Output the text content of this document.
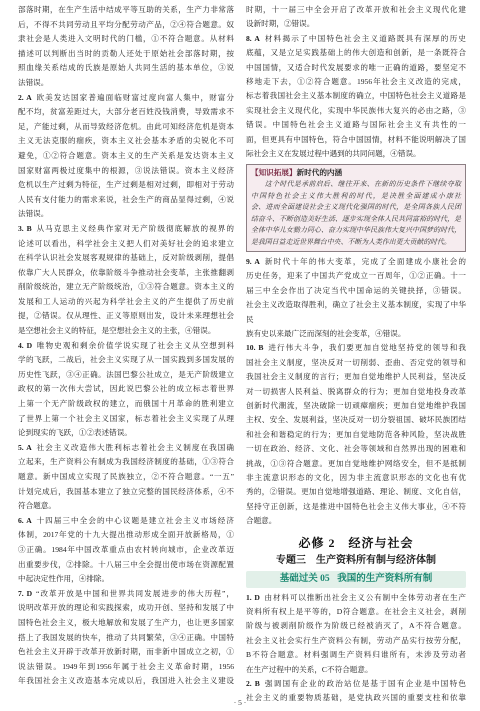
部落时期，在生产生活中结成平等互助的关系，生产力非常落
后，不得不共同劳动且平均分配劳动产品，②④符合题意。奴
隶社会是人类进入文明时代的门槛，①不符合题意。从材料
描述可以判断出当时的贡勒人还处于原始社会部落时期，按
照血缘关系结成的氏族是原始人共同生活的基本单位，③说
法错误。
2. A 欧美发达国家普遍面临财富过度向富人集中，财富分
配不均，贫富差距过大，大部分老百姓没钱消费，导致需求不
足，产能过剩，从而导致经济危机。由此可知经济危机是资本
主义无法克服的痼疾，资本主义社会基本矛盾的尖锐化不可
避免，①②符合题意。资本主义的生产关系是发达资本主义
国家财富两极过度集中的根源，③说法错误。资本主义经济
危机以生产过剩为特征，生产过剩是相对过剩，即相对于劳动
人民有支付能力的需求来说，社会生产的商品显得过剩，④说
法错误。
3. B 从马克思主义经典作家对无产阶级彻底解放的视界的
论述可以看出，科学社会主义把人们对美好社会的追求建立
在科学认识社会发展客观规律的基础上，反对阶级剥削，提倡
依靠广大人民群众，依靠阶级斗争推动社会变革，主张推翻剥
削阶级统治，建立无产阶级统治，①③符合题意。资本主义的
发展和工人运动的兴起为科学社会主义的产生提供了历史前
提，②错误。仅从理性、正义等原则出发，设计未来理想社会
是空想社会主义的特征，是空想社会主义的主张，④错误。
4. D 唯物史观和剩余价值学说实现了社会主义从空想到科
学的飞跃，二战后，社会主义实现了从一国实践到多国发展的
历史性飞跃，③④正确。法国巴黎公社成立，是无产阶级建立
政权的第一次伟大尝试，因此说巴黎公社的成立标志着世界
上第一个无产阶级政权的建立，而俄国十月革命的胜利建立
了世界上第一个社会主义国家，标志着社会主义实现了从理
论到现实的飞跃，①②表述错误。
5. A 社会主义改造伟大胜利标志着社会主义制度在我国确
立起来，生产资料公有制成为我国经济制度的基础，①③符合
题意。新中国成立实现了民族独立，②不符合题意。“一五”
计划完成后，我国基本建立了独立完整的国民经济体系，④不
符合题意。
6. A 十四届三中全会的中心议题是建立社会主义市场经济
体制，2017年党的十九大提出推动形成全面开放新格局，①
③正确。1984年中国改革重点由农村转向城市，企业改革迈
出重要步伐，②排除。十八届三中全会提出使市场在资源配置
中起决定性作用，④排除。
7. D “改革开放是中国和世界共同发展进步的伟大历程”，
说明改革开放的理论和实践探索，成功开创、坚持和发展了中
国特色社会主义，极大地解放和发展了生产力，也让更多国家
搭上了我国发展的快车，推动了共同繁荣，③④正确。中国特
色社会主义开辟于改革开放新时期，而非新中国成立之初，①
说法错误。1949年到1956年属于社会主义革命时期，1956
年我国社会主义改造基本完成以后，我国进入社会主义建设
时期，十一届三中全会开启了改革开放和社会主义现代化建
设新时期，②错误。
8. A 材料揭示了中国特色社会主义道路既具有深厚的历史
底蕴，又是立足实践基础上的伟大创造和创新，是一条既符合
中国国情，又适合时代发展要求的唯一正确的道路，要坚定不
移地走下去，①②符合题意。1956年社会主义改造的完成，
标志着我国社会主义基本制度的确立，中国特色社会主义道路是
实现社会主义现代化，实现中华民族伟大复兴的必由之路，③
错误。中国特色社会主义道路与国际社会主义有共性的一
面，但更具有中国特色，符合中国国情，材料不能说明解决了国
际社会主义在发展过程中遇到的共同问题，④错误。
【知识拓展】新时代的内涵
这个时代是承前启后、继往开来、在新的历史条件下继续夺取
中国特色社会主义伟大胜利的时代，是决胜全面建成小康社
会、进而全面建设社会主义现代化强国的时代，是全国各族人民团
结奋斗、不断创造美好生活、逐步实现全体人民共同富裕的时代，是
全体中华儿女勠力同心、奋力实现中华民族伟大复兴中国梦的时代，
是我国日益走近世界舞台中央、不断为人类作出更大贡献的时代。
9. A 新时代十年的伟大变革，完成了全面建成小康社会的
历史任务，迎来了中国共产党成立一百周年，①②正确。十一
届三中全会作出了决定当代中国命运的关键抉择，③错误。
社会主义改造取得胜利，确立了社会主义基本制度，实现了中华民
族有史以来最广泛而深刻的社会变革，④错误。
10. B 进行伟大斗争，我们要更加自觉地坚持党的领导和我
国社会主义制度，坚决反对一切削弱、歪曲、否定党的领导和
我国社会主义制度的言行；更加自觉地维护人民利益，坚决反
对一切损害人民利益、脱离群众的行为；更加自觉地投身改革
创新时代潮流，坚决破除一切顽瘴痼疾；更加自觉地维护我国
主权、安全、发展利益，坚决反对一切分裂祖国、破坏民族团结
和社会和谐稳定的行为；更加自觉地防范各种风险，坚决战胜
一切在政治、经济、文化、社会等领域和自然界出现的困难和
挑战，①③符合题意。更加自觉地维护网络安全，但不是抵制
非主流意识形态的文化，因为非主流意识形态的文化也有优
秀的，②错误。更加自觉地增强道路、理论、制度、文化自信，
坚持守正创新，这是推进中国特色社会主义伟大事业，④不符
合题意。
必修 2　经济与社会
专题三　生产资料所有制与经济体制
基础过关 05 我国的生产资料所有制
1. D 由材料可以推断出社会主义公有制中全体劳动者在生产
资料所有权上是平等的，D符合题意。在社会主义社会，剥削
阶级与被剥削阶级作为阶级已经被消灭了，A不符合题意。
社会主义社会实行生产资料公有制，劳动产品实行按劳分配，
B不符合题意。材料强调生产资料归谁所有，未涉及劳动者
在生产过程中的关系，C不符合题意。
2. B 强调国有企业的政治站位是基于国有企业是中国特色
社会主义的重要物质基础，是党执政兴国的重要支柱和依靠
· 5 ·
